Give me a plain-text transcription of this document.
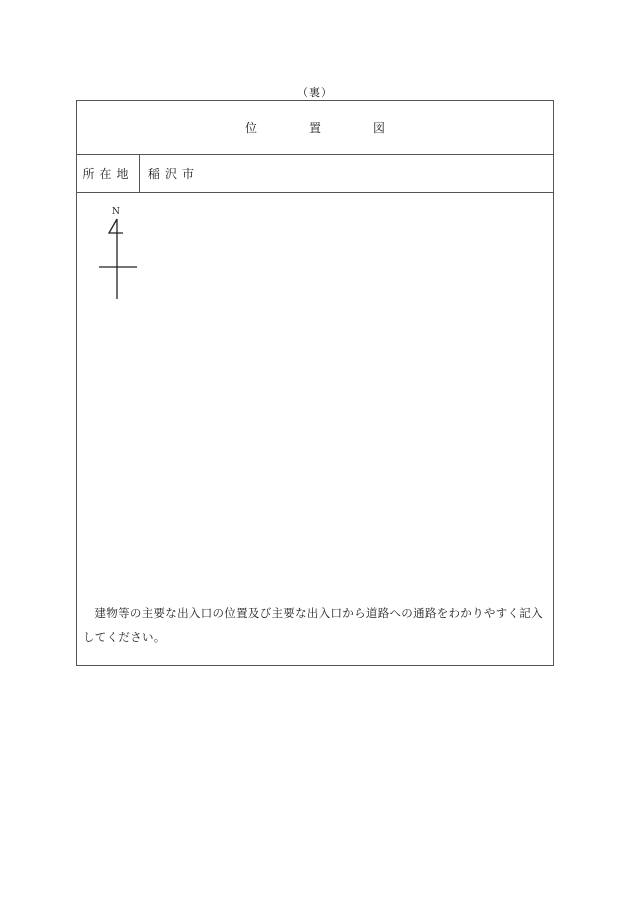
（裏）
位	置	図
所在地	稲沢市
N
建物等の主要な出入口の位置及び主要な出入口から道路への通路をわかりやすく記入してください。
